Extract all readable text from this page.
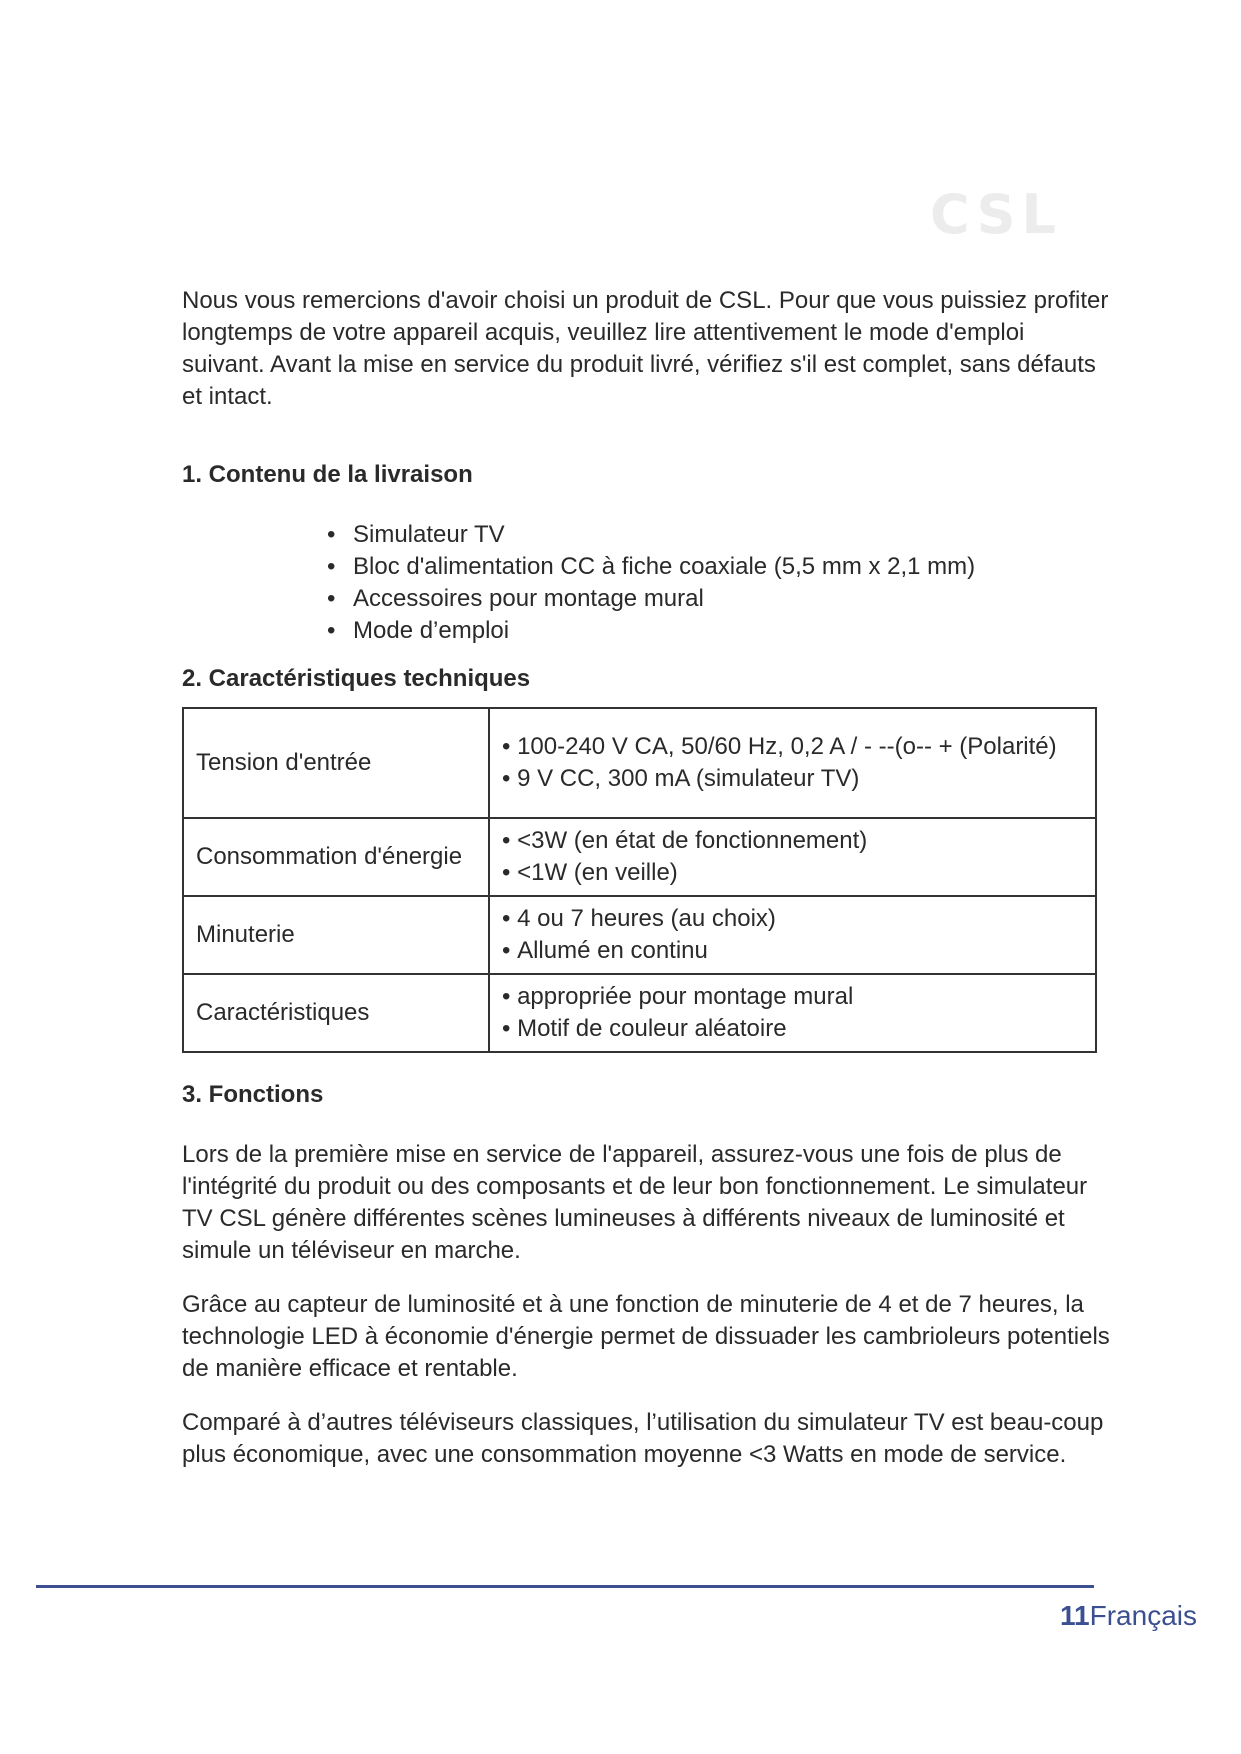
CSL

Nous vous remercions d'avoir choisi un produit de CSL. Pour que vous puissiez profiter longtemps de votre appareil acquis, veuillez lire attentivement le mode d'emploi suivant. Avant la mise en service du produit livré, vérifiez s'il est complet, sans défauts et intact.

1. Contenu de la livraison
• Simulateur TV
• Bloc d'alimentation CC à fiche coaxiale (5,5 mm x 2,1 mm)
• Accessoires pour montage mural
• Mode d’emploi
2. Caractéristiques techniques
Tension d'entrée	• 100-240 V CA, 50/60 Hz, 0,2 A / - --(o-- + (Polarité)
• 9 V CC, 300 mA (simulateur TV)

Consommation d'énergie	• <3W (en état de fonctionnement)
• <1W (en veille)

Minuterie	• 4 ou 7 heures (au choix)
• Allumé en continu

Caractéristiques	• appropriée pour montage mural
• Motif de couleur aléatoire
3. Fonctions

Lors de la première mise en service de l'appareil, assurez-vous une fois de plus de l'intégrité du produit ou des composants et de leur bon fonctionnement. Le simulateur TV CSL génère différentes scènes lumineuses à différents niveaux de luminosité et simule un téléviseur en marche.

Grâce au capteur de luminosité et à une fonction de minuterie de 4 et de 7 heures, la technologie LED à économie d'énergie permet de dissuader les cambrioleurs potentiels de manière efficace et rentable.

Comparé à d’autres téléviseurs classiques, l’utilisation du simulateur TV est beau-coup plus économique, avec une consommation moyenne <3 Watts en mode de service.

11Français
